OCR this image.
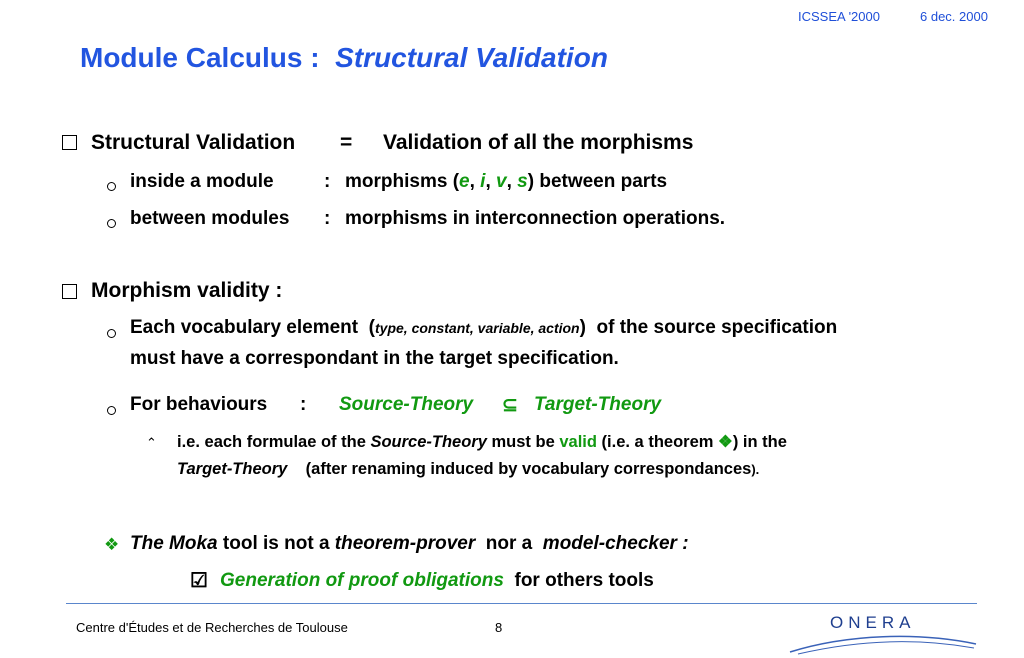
ICSSEA '2000	6 dec. 2000
Module Calculus : Structural Validation
Structural Validation = Validation of all the morphisms
inside a module	: morphisms (e, i, v, s) between parts
between modules : morphisms in interconnection operations.
Morphism validity :
Each vocabulary element (type, constant, variable, action) of the source specification
must have a correspondant in the target specification.
For behaviours : Source-Theory ⊆ Target-Theory
⌃ i.e. each formulae of the Source-Theory must be valid (i.e. a theorem ❖) in the
Target-Theory (after renaming induced by vocabulary correspondances).
❖ The Moka tool is not a theorem-prover nor a model-checker :
☑ Generation of proof obligations for others tools
Centre d'Études et de Recherches de Toulouse	8	ONERA
